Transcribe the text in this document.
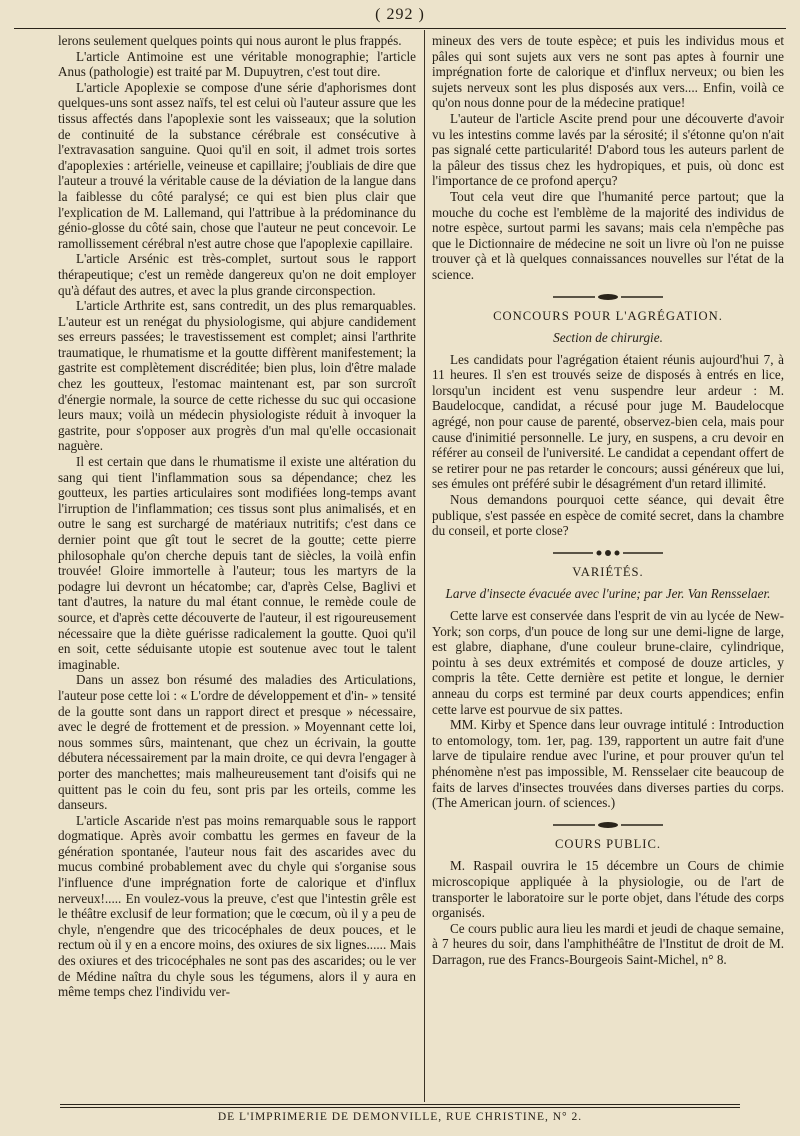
( 292 )

lerons seulement quelques points qui nous auront le plus frappés.

L'article Antimoine est une véritable monographie; l'article Anus (pathologie) est traité par M. Dupuytren, c'est tout dire.

L'article Apoplexie se compose d'une série d'aphorismes dont quelques-uns sont assez naïfs, tel est celui où l'auteur assure que les tissus affectés dans l'apoplexie sont les vaisseaux; que la solution de continuité de la substance cérébrale est consécutive à l'extravasation sanguine. Quoi qu'il en soit, il admet trois sortes d'apoplexies : artérielle, veineuse et capillaire; j'oubliais de dire que l'auteur a trouvé la véritable cause de la déviation de la langue dans la faiblesse du côté paralysé; ce qui est bien plus clair que l'explication de M. Lallemand, qui l'attribue à la prédominance du génio-glosse du côté sain, chose que l'auteur ne peut concevoir. Le ramollissement cérébral n'est autre chose que l'apoplexie capillaire.

L'article Arsénic est très-complet, surtout sous le rapport thérapeutique; c'est un remède dangereux qu'on ne doit employer qu'à défaut des autres, et avec la plus grande circonspection.

L'article Arthrite est, sans contredit, un des plus remarquables. L'auteur est un renégat du physiologisme, qui abjure candidement ses erreurs passées; le travestissement est complet; ainsi l'arthrite traumatique, le rhumatisme et la goutte diffèrent manifestement; la gastrite est complètement discréditée; bien plus, loin d'être malade chez les goutteux, l'estomac maintenant est, par son surcroît d'énergie normale, la source de cette richesse du suc qui occasione leurs maux; voilà un médecin physiologiste réduit à invoquer la gastrite, pour s'opposer aux progrès d'un mal qu'elle occasionait naguère.

Il est certain que dans le rhumatisme il existe une altération du sang qui tient l'inflammation sous sa dépendance; chez les goutteux, les parties articulaires sont modifiées long-temps avant l'irruption de l'inflammation; ces tissus sont plus animalisés, et en outre le sang est surchargé de matériaux nutritifs; c'est dans ce dernier point que gît tout le secret de la goutte; cette pierre philosophale qu'on cherche depuis tant de siècles, la voilà enfin trouvée! Gloire immortelle à l'auteur; tous les martyrs de la podagre lui devront un hécatombe; car, d'après Celse, Baglivi et tant d'autres, la nature du mal étant connue, le remède coule de source, et d'après cette découverte de l'auteur, il est rigoureusement nécessaire que la diète guérisse radicalement la goutte. Quoi qu'il en soit, cette séduisante utopie est soutenue avec tout le talent imaginable.

Dans un assez bon résumé des maladies des Articulations, l'auteur pose cette loi : « L'ordre de développement et d'in- » tensité de la goutte sont dans un rapport direct et presque » nécessaire, avec le degré de frottement et de pression. » Moyennant cette loi, nous sommes sûrs, maintenant, que chez un écrivain, la goutte débutera nécessairement par la main droite, ce qui devra l'engager à porter des manchettes; mais malheureusement tant d'oisifs qui ne quittent pas le coin du feu, sont pris par les orteils, comme les danseurs.

L'article Ascaride n'est pas moins remarquable sous le rapport dogmatique. Après avoir combattu les germes en faveur de la génération spontanée, l'auteur nous fait des ascarides avec du mucus combiné probablement avec du chyle qui s'organise sous l'influence d'une imprégnation forte de calorique et d'influx nerveux!..... En voulez-vous la preuve, c'est que l'intestin grêle est le théâtre exclusif de leur formation; que le cœcum, où il y a peu de chyle, n'engendre que des tricocéphales de deux pouces, et le rectum où il y en a encore moins, des oxiures de six lignes...... Mais des oxiures et des tricocéphales ne sont pas des ascarides; ou le ver de Médine naîtra du chyle sous les tégumens, alors il y aura en même temps chez l'individu ver-

mineux des vers de toute espèce; et puis les individus mous et pâles qui sont sujets aux vers ne sont pas aptes à fournir une imprégnation forte de calorique et d'influx nerveux; ou bien les sujets nerveux sont les plus disposés aux vers.... Enfin, voilà ce qu'on nous donne pour de la médecine pratique!

L'auteur de l'article Ascite prend pour une découverte d'avoir vu les intestins comme lavés par la sérosité; il s'étonne qu'on n'ait pas signalé cette particularité! D'abord tous les auteurs parlent de la pâleur des tissus chez les hydropiques, et puis, où donc est l'importance de ce profond aperçu?

Tout cela veut dire que l'humanité perce partout; que la mouche du coche est l'emblème de la majorité des individus de notre espèce, surtout parmi les savans; mais cela n'empêche pas que le Dictionnaire de médecine ne soit un livre où l'on ne puisse trouver çà et là quelques connaissances nouvelles sur l'état de la science.

CONCOURS POUR L'AGRÉGATION.

Section de chirurgie.

Les candidats pour l'agrégation étaient réunis aujourd'hui 7, à 11 heures. Il s'en est trouvés seize de disposés à entrés en lice, lorsqu'un incident est venu suspendre leur ardeur : M. Baudelocque, candidat, a récusé pour juge M. Baudelocque agrégé, non pour cause de parenté, observez-bien cela, mais pour cause d'inimitié personnelle. Le jury, en suspens, a cru devoir en référer au conseil de l'université. Le candidat a cependant offert de se retirer pour ne pas retarder le concours; aussi généreux que lui, ses émules ont préféré subir le désagrément d'un retard illimité.

Nous demandons pourquoi cette séance, qui devait être publique, s'est passée en espèce de comité secret, dans la chambre du conseil, et porte close?

VARIÉTÉS.

Larve d'insecte évacuée avec l'urine; par Jer. Van Rensselaer.

Cette larve est conservée dans l'esprit de vin au lycée de New-York; son corps, d'un pouce de long sur une demi-ligne de large, est glabre, diaphane, d'une couleur brune-claire, cylindrique, pointu à ses deux extrémités et composé de douze articles, y compris la tête. Cette dernière est petite et longue, le dernier anneau du corps est terminé par deux courts appendices; enfin cette larve est pourvue de six pattes.

MM. Kirby et Spence dans leur ouvrage intitulé : Introduction to entomology, tom. 1er, pag. 139, rapportent un autre fait d'une larve de tipulaire rendue avec l'urine, et pour prouver qu'un tel phénomène n'est pas impossible, M. Rensselaer cite beaucoup de faits de larves d'insectes trouvées dans diverses parties du corps. (The American journ. of sciences.)

COURS PUBLIC.

M. Raspail ouvrira le 15 décembre un Cours de chimie microscopique appliquée à la physiologie, ou de l'art de transporter le laboratoire sur le porte objet, dans l'étude des corps organisés.

Ce cours public aura lieu les mardi et jeudi de chaque semaine, à 7 heures du soir, dans l'amphithéâtre de l'Institut de droit de M. Darragon, rue des Francs-Bourgeois Saint-Michel, n° 8.

DE L'IMPRIMERIE DE DEMONVILLE, RUE CHRISTINE, N° 2.
